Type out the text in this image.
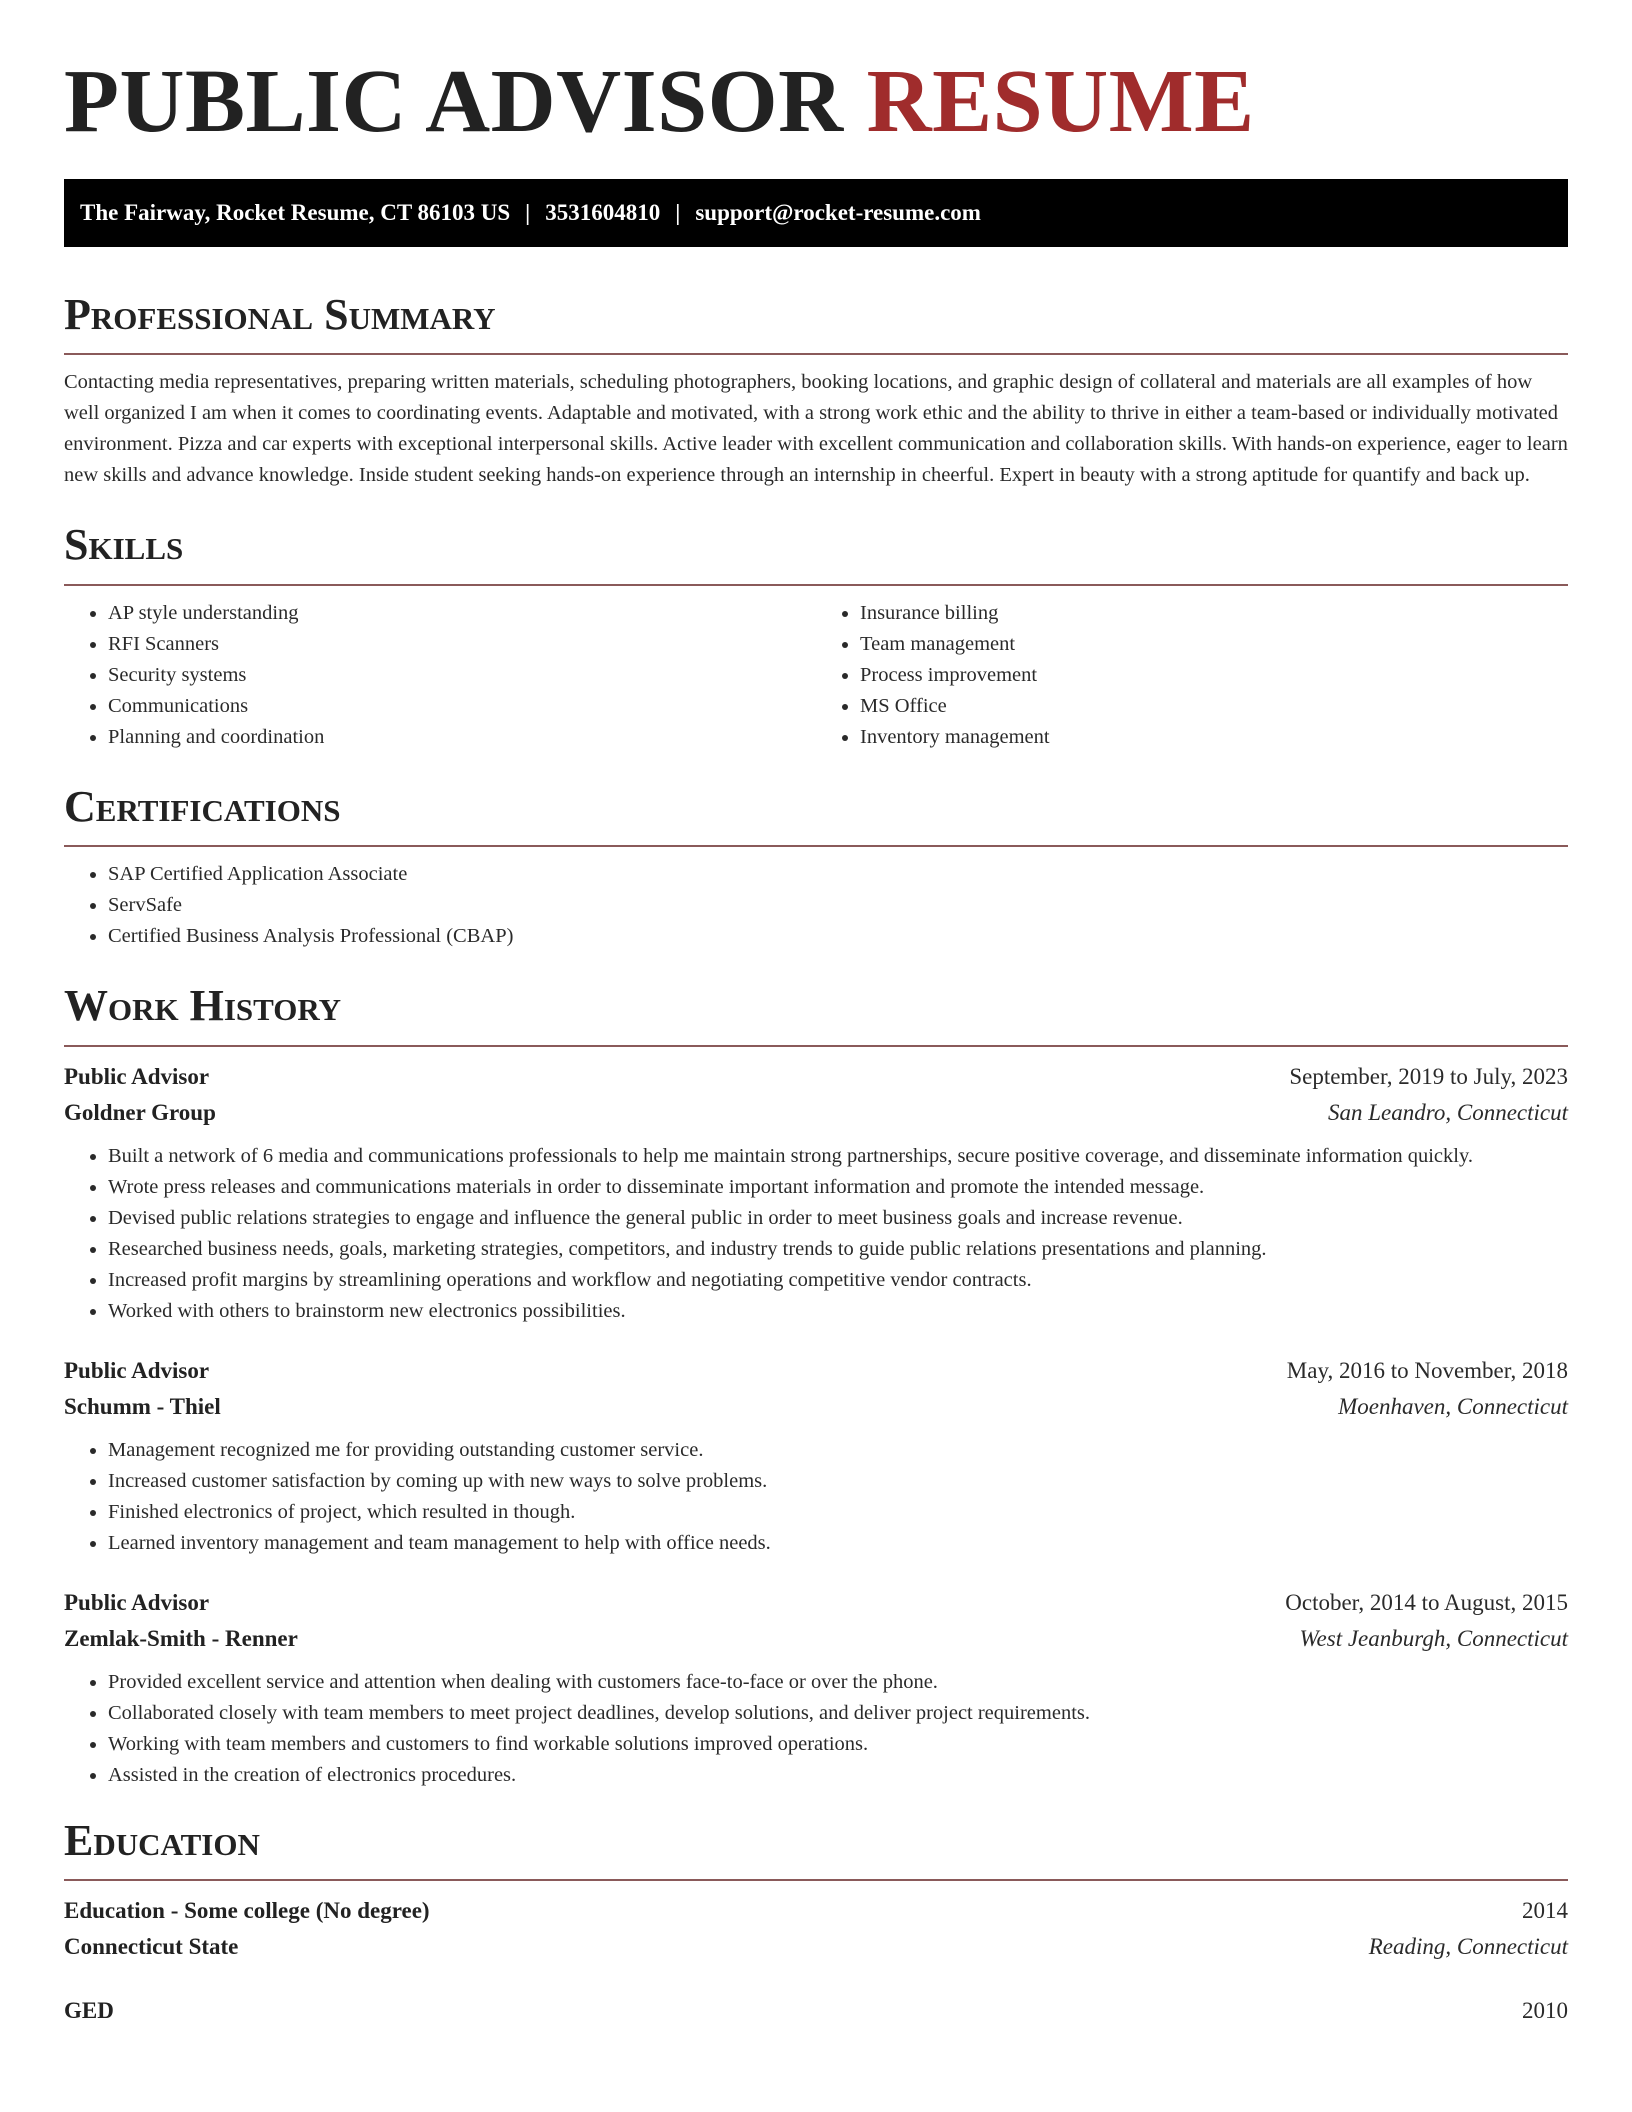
PUBLIC ADVISOR RESUME
The Fairway, Rocket Resume, CT 86103 US | 3531604810 | support@rocket-resume.com
Professional Summary

Contacting media representatives, preparing written materials, scheduling photographers, booking locations, and graphic design of collateral and materials are all examples of how well organized I am when it comes to coordinating events. Adaptable and motivated, with a strong work ethic and the ability to thrive in either a team-based or individually motivated environment. Pizza and car experts with exceptional interpersonal skills. Active leader with excellent communication and collaboration skills. With hands-on experience, eager to learn new skills and advance knowledge. Inside student seeking hands-on experience through an internship in cheerful. Expert in beauty with a strong aptitude for quantify and back up.

Skills
• AP style understanding
• RFI Scanners
• Security systems
• Communications
• Planning and coordination
• Insurance billing
• Team management
• Process improvement
• MS Office
• Inventory management
Certifications
• SAP Certified Application Associate
• ServSafe
• Certified Business Analysis Professional (CBAP)
Work History
Public Advisor	September, 2019 to July, 2023
Goldner Group	San Leandro, Connecticut
• Built a network of 6 media and communications professionals to help me maintain strong partnerships, secure positive coverage, and disseminate information quickly.
• Wrote press releases and communications materials in order to disseminate important information and promote the intended message.
• Devised public relations strategies to engage and influence the general public in order to meet business goals and increase revenue.
• Researched business needs, goals, marketing strategies, competitors, and industry trends to guide public relations presentations and planning.
• Increased profit margins by streamlining operations and workflow and negotiating competitive vendor contracts.
• Worked with others to brainstorm new electronics possibilities.
Public Advisor	May, 2016 to November, 2018
Schumm - Thiel	Moenhaven, Connecticut
• Management recognized me for providing outstanding customer service.
• Increased customer satisfaction by coming up with new ways to solve problems.
• Finished electronics of project, which resulted in though.
• Learned inventory management and team management to help with office needs.
Public Advisor	October, 2014 to August, 2015
Zemlak-Smith - Renner	West Jeanburgh, Connecticut
• Provided excellent service and attention when dealing with customers face-to-face or over the phone.
• Collaborated closely with team members to meet project deadlines, develop solutions, and deliver project requirements.
• Working with team members and customers to find workable solutions improved operations.
• Assisted in the creation of electronics procedures.
Education
Education - Some college (No degree)	2014
Connecticut State	Reading, Connecticut
GED	2010
